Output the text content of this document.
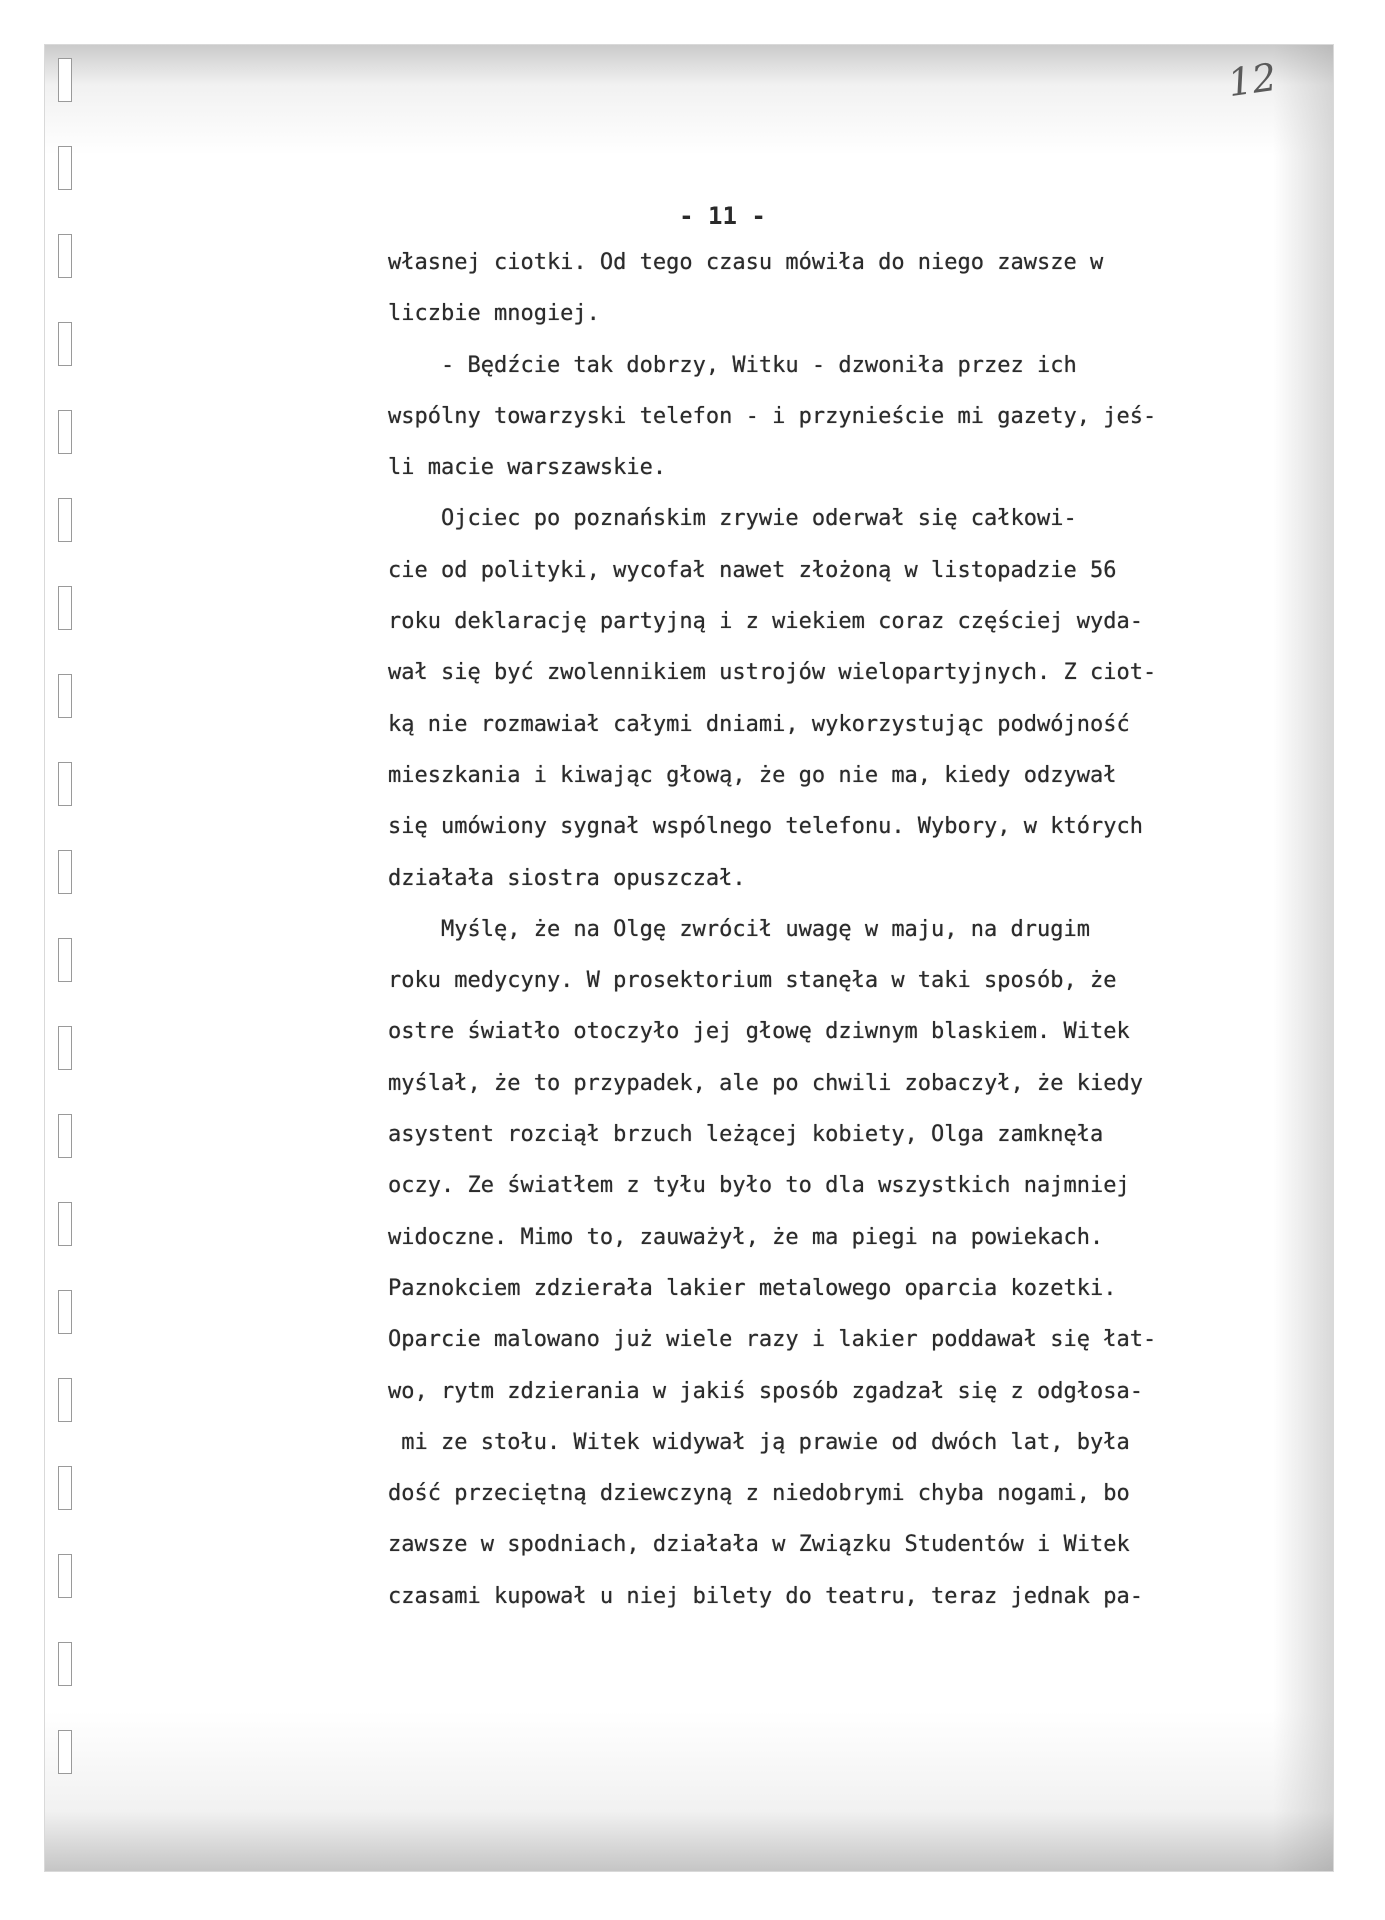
12
- 11 -
własnej ciotki. Od tego czasu mówiła do niego zawsze w
liczbie mnogiej.
- Będźcie tak dobrzy, Witku - dzwoniła przez ich
wspólny towarzyski telefon - i przynieście mi gazety, jeś-
li macie warszawskie.
Ojciec po poznańskim zrywie oderwał się całkowi-
cie od polityki, wycofał nawet złożoną w listopadzie 56
roku deklarację partyjną i z wiekiem coraz częściej wyda-
wał się być zwolennikiem ustrojów wielopartyjnych. Z ciot-
ką nie rozmawiał całymi dniami, wykorzystując podwójność
mieszkania i kiwając głową, że go nie ma, kiedy odzywał
się umówiony sygnał wspólnego telefonu. Wybory, w których
działała siostra opuszczał.
Myślę, że na Olgę zwrócił uwagę w maju, na drugim
roku medycyny. W prosektorium stanęła w taki sposób, że
ostre światło otoczyło jej głowę dziwnym blaskiem. Witek
myślał, że to przypadek, ale po chwili zobaczył, że kiedy
asystent rozciął brzuch leżącej kobiety, Olga zamknęła
oczy. Ze światłem z tyłu było to dla wszystkich najmniej
widoczne. Mimo to, zauważył, że ma piegi na powiekach.
Paznokciem zdzierała lakier metalowego oparcia kozetki.
Oparcie malowano już wiele razy i lakier poddawał się łat-
wo, rytm zdzierania w jakiś sposób zgadzał się z odgłosa-
mi ze stołu. Witek widywał ją prawie od dwóch lat, była
dość przeciętną dziewczyną z niedobrymi chyba nogami, bo
zawsze w spodniach, działała w Związku Studentów i Witek
czasami kupował u niej bilety do teatru, teraz jednak pa-
